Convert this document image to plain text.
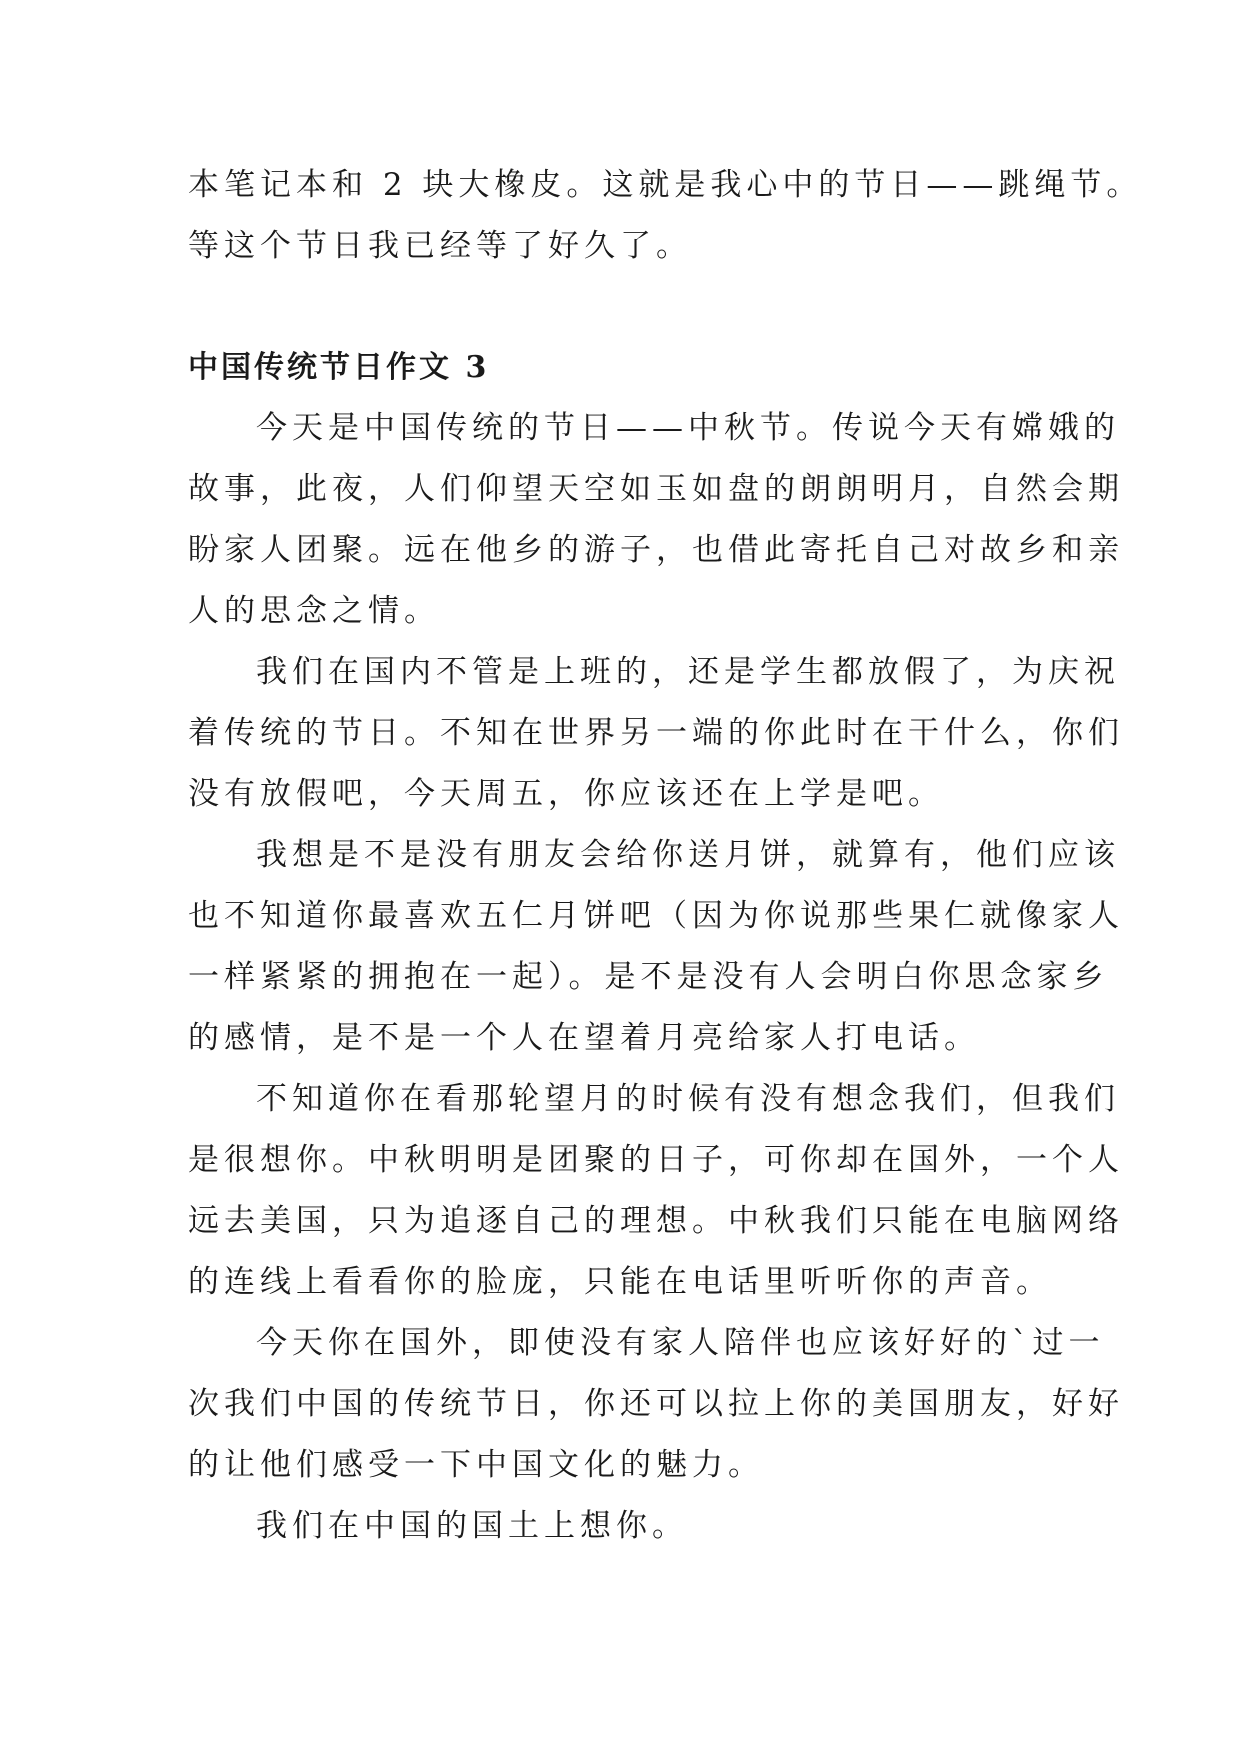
本笔记本和 2 块大橡皮。这就是我心中的节日——跳绳节。
等这个节日我已经等了好久了。

中国传统节日作文 3
今天是中国传统的节日——中秋节。传说今天有嫦娥的
故事，此夜，人们仰望天空如玉如盘的朗朗明月，自然会期
盼家人团聚。远在他乡的游子，也借此寄托自己对故乡和亲
人的思念之情。
我们在国内不管是上班的，还是学生都放假了，为庆祝
着传统的节日。不知在世界另一端的你此时在干什么，你们
没有放假吧，今天周五，你应该还在上学是吧。
我想是不是没有朋友会给你送月饼，就算有，他们应该
也不知道你最喜欢五仁月饼吧（因为你说那些果仁就像家人
一样紧紧的拥抱在一起）。是不是没有人会明白你思念家乡
的感情，是不是一个人在望着月亮给家人打电话。
不知道你在看那轮望月的时候有没有想念我们，但我们
是很想你。中秋明明是团聚的日子，可你却在国外，一个人
远去美国，只为追逐自己的理想。中秋我们只能在电脑网络
的连线上看看你的脸庞，只能在电话里听听你的声音。
今天你在国外，即使没有家人陪伴也应该好好的`过一
次我们中国的传统节日，你还可以拉上你的美国朋友，好好
的让他们感受一下中国文化的魅力。
我们在中国的国土上想你。
